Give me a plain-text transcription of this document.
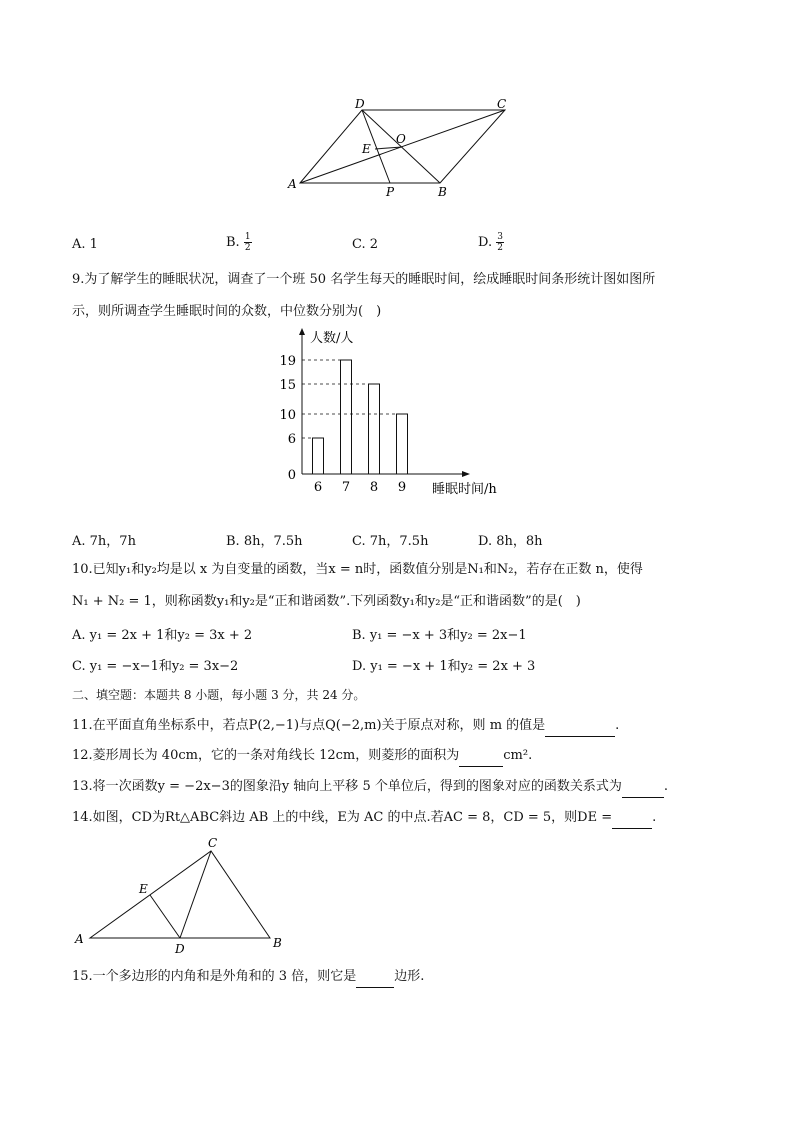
A
B
C
D
O
E
P
A. 1	B. $\frac{1}{2}$	C. 2	D. $\frac{3}{2}$
9.为了解学生的睡眠状况，调查了一个班 50 名学生每天的睡眠时间，绘成睡眠时间条形统计图如图所
示，则所调查学生睡眠时间的众数，中位数分别为(　)
0
6
10
15
19
6 7 8 9
人数/人
睡眠时间/h
A. 7h，7h	B. 8h，7.5h	C. 7h，7.5h	D. 8h，8h
10.已知y₁和y₂均是以 x 为自变量的函数，当x = n时，函数值分别是N₁和N₂，若存在正数 n，使得
N₁ + N₂ = 1，则称函数y₁和y₂是“正和谐函数”.下列函数y₁和y₂是“正和谐函数”的是(　)
A. y₁ = 2x + 1和y₂ = 3x + 2	B. y₁ = −x + 3和y₂ = 2x−1
C. y₁ = −x−1和y₂ = 3x−2	D. y₁ = −x + 1和y₂ = 2x + 3
二、填空题：本题共 8 小题，每小题 3 分，共 24 分。
11.在平面直角坐标系中，若点P(2,−1)与点Q(−2,m)关于原点对称，则 m 的值是	.
12.菱形周长为 40cm，它的一条对角线长 12cm，则菱形的面积为	cm².
13.将一次函数y = −2x−3的图象沿y 轴向上平移 5 个单位后，得到的图象对应的函数关系式为	.
14.如图，CD为Rt△ABC斜边 AB 上的中线，E为 AC 的中点.若AC = 8，CD = 5，则DE =	.
A	B
C
D
E
15.一个多边形的内角和是外角和的 3 倍，则它是	边形.
